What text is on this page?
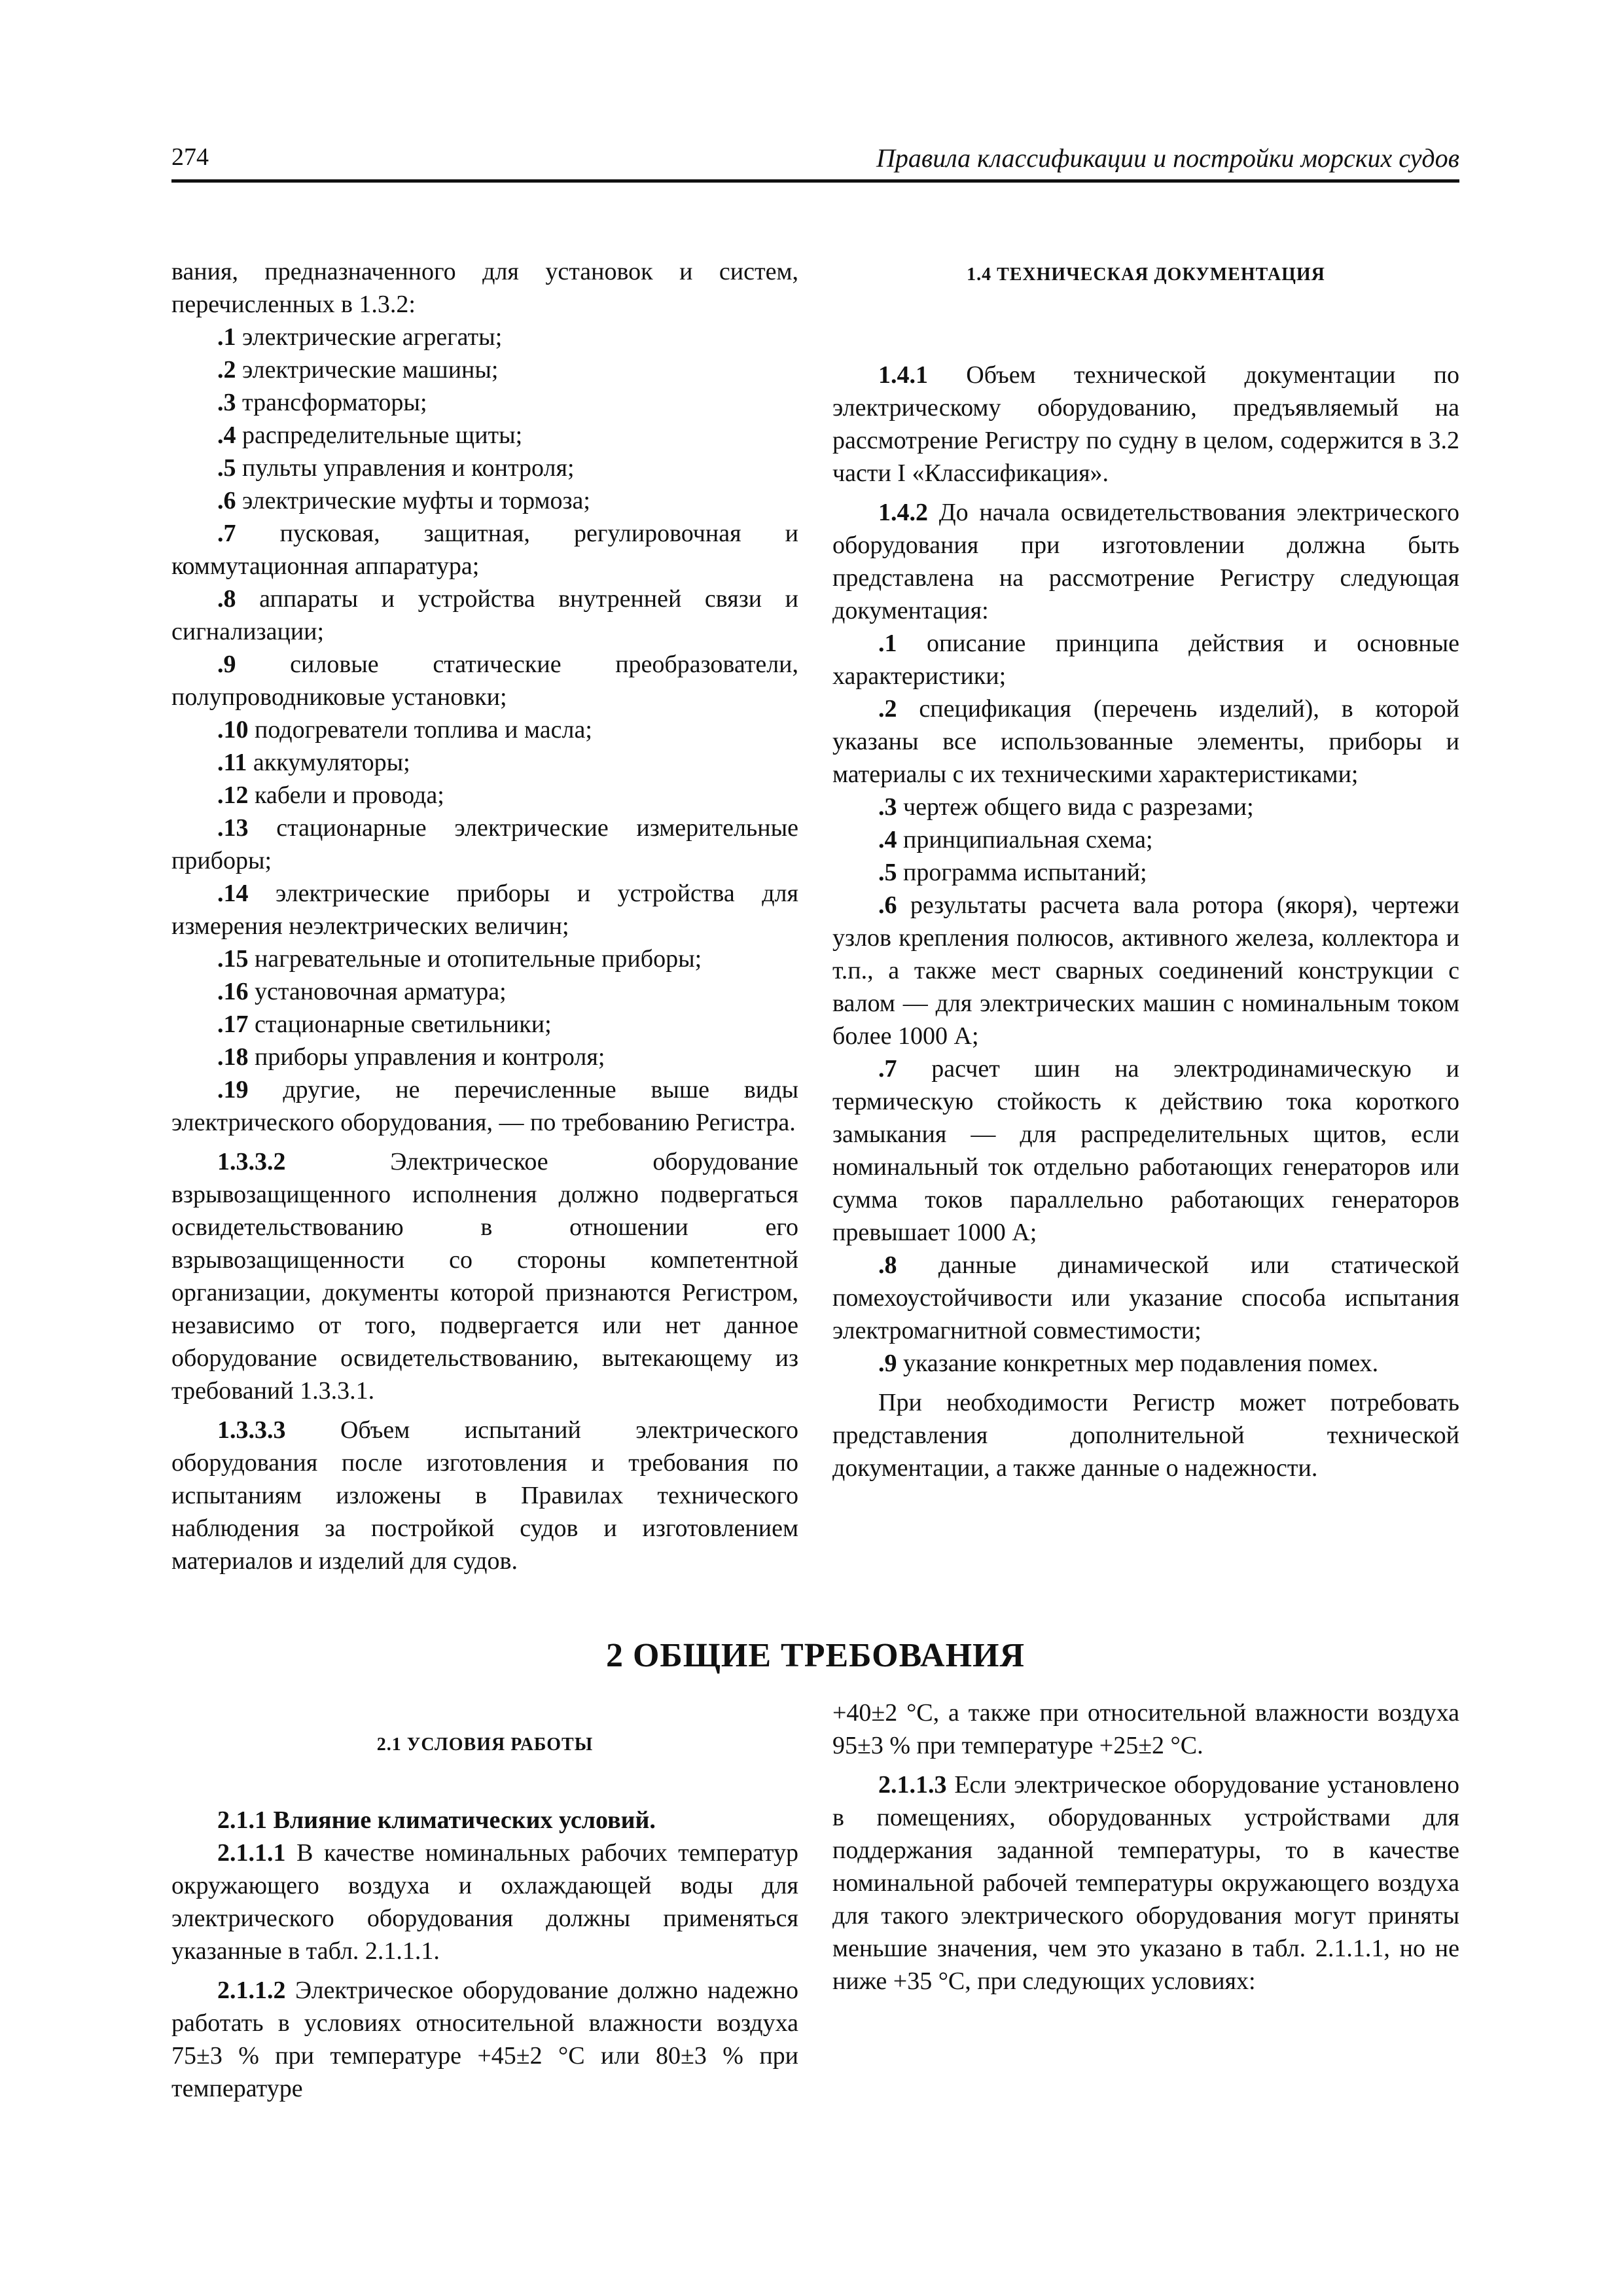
274	Правила классификации и постройки морских судов

вания, предназначенного для установок и систем, перечисленных в 1.3.2:

.1 электрические агрегаты;

.2 электрические машины;

.3 трансформаторы;

.4 распределительные щиты;

.5 пульты управления и контроля;

.6 электрические муфты и тормоза;

.7 пусковая, защитная, регулировочная и коммутационная аппаратура;

.8 аппараты и устройства внутренней связи и сигнализации;

.9 силовые статические преобразователи, полупроводниковые установки;

.10 подогреватели топлива и масла;

.11 аккумуляторы;

.12 кабели и провода;

.13 стационарные электрические измерительные приборы;

.14 электрические приборы и устройства для измерения неэлектрических величин;

.15 нагревательные и отопительные приборы;

.16 установочная арматура;

.17 стационарные светильники;

.18 приборы управления и контроля;

.19 другие, не перечисленные выше виды электрического оборудования, — по требованию Регистра.

1.3.3.2	Электрическое оборудование взрывозащищенного исполнения должно подвергаться освидетельствованию в отношении его взрывозащищенности со стороны компетентной организации, документы которой признаются Регистром, независимо от того, подвергается или нет данное оборудование освидетельствованию, вытекающему из требований 1.3.3.1.

1.3.3.3 Объем испытаний электрического оборудования после изготовления и требования по испытаниям изложены в Правилах технического наблюдения за постройкой судов и изготовлением материалов и изделий для судов.

1.4 ТЕХНИЧЕСКАЯ ДОКУМЕНТАЦИЯ

1.4.1 Объем технической документации по электрическому оборудованию, предъявляемый на рассмотрение Регистру по судну в целом, содержится в 3.2 части I «Классификация».

1.4.2 До начала освидетельствования электрического оборудования при изготовлении должна быть представлена на рассмотрение Регистру следующая документация:

.1 описание принципа действия и основные характеристики;

.2 спецификация (перечень изделий), в которой указаны все использованные элементы, приборы и материалы с их техническими характеристиками;

.3 чертеж общего вида с разрезами;

.4 принципиальная схема;

.5 программа испытаний;

.6 результаты расчета вала ротора (якоря), чертежи узлов крепления полюсов, активного железа, коллектора и т.п., а также мест сварных соединений конструкции с валом — для электрических машин с номинальным током более 1000 А;

.7 расчет шин на электродинамическую и термическую стойкость к действию тока короткого замыкания — для распределительных щитов, если номинальный ток отдельно работающих генераторов или сумма токов параллельно работающих генераторов превышает 1000 А;

.8 данные динамической или статической помехоустойчивости или указание способа испытания электромагнитной совместимости;

.9 указание конкретных мер подавления помех.

При необходимости Регистр может потребовать представления дополнительной технической документации, а также данные о надежности.

2 ОБЩИЕ ТРЕБОВАНИЯ
2.1 УСЛОВИЯ РАБОТЫ

2.1.1 Влияние климатических условий.

2.1.1.1 В качестве номинальных рабочих температур окружающего воздуха и охлаждающей воды для электрического оборудования должны применяться указанные в табл. 2.1.1.1.

2.1.1.2 Электрическое оборудование должно надежно работать в условиях относительной влажности воздуха 75±3 % при температуре +45±2 °С или 80±3 % при температуре

+40±2 °С, а также при относительной влажности воздуха 95±3 % при температуре +25±2 °С.

2.1.1.3 Если электрическое оборудование установлено в помещениях, оборудованных устройствами для поддержания заданной температуры, то в качестве номинальной рабочей температуры окружающего воздуха для такого электрического оборудования могут приняты меньшие значения, чем это указано в табл. 2.1.1.1, но не ниже +35 °С, при следующих условиях:
